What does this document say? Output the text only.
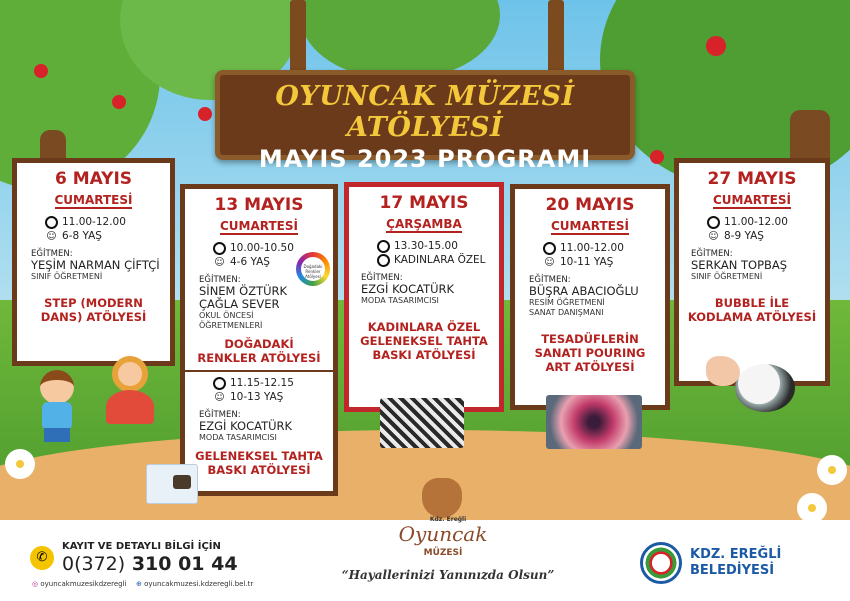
OYUNCAK MÜZESİ ATÖLYESİ
MAYIS 2023 PROGRAMI
6 MAYIS
CUMARTESİ
11.00-12.00
☺ 6-8 YAŞ
EĞİTMEN:
YEŞİM NARMAN ÇİFTÇİ
SINIF ÖĞRETMENİ
STEP (MODERN DANS) ATÖLYESİ
13 MAYIS
CUMARTESİ
10.00-10.50
☺ 4-6 YAŞ
EĞİTMEN:
SİNEM ÖZTÜRK
ÇAĞLA SEVER
OKUL ÖNCESİ
ÖĞRETMENLERİ
DOĞADAKİ RENKLER ATÖLYESİ
11.15-12.15
☺ 10-13 YAŞ
EĞİTMEN:
EZGİ KOCATÜRK
MODA TASARIMCISI
GELENEKSEL TAHTA BASKI ATÖLYESİ
Doğadaki Renkler Atölyesi
17 MAYIS
ÇARŞAMBA
13.30-15.00
KADINLARA ÖZEL
EĞİTMEN:
EZGİ KOCATÜRK
MODA TASARIMCISI
KADINLARA ÖZEL GELENEKSEL TAHTA BASKI ATÖLYESİ
20 MAYIS
CUMARTESİ
11.00-12.00
☺ 10-11 YAŞ
EĞİTMEN:
BÜŞRA ABACIOĞLU
RESİM ÖĞRETMENİ
SANAT DANIŞMANI
TESADÜFLERİN SANATI POURING ART ATÖLYESİ
27 MAYIS
CUMARTESİ
11.00-12.00
☺ 8-9 YAŞ
EĞİTMEN:
SERKAN TOPBAŞ
SINIF ÖĞRETMENİ
BUBBLE İLE KODLAMA ATÖLYESİ
✆
KAYIT VE DETAYLI BİLGİ İÇİN
0(372) 310 01 44
◎ oyuncakmuzesikdzeregli ⊕ oyuncakmuzesi.kdzeregli.bel.tr
Kdz. Ereğli
Oyuncak
MÜZESİ
“Hayallerinizi Yanınızda Olsun”
KDZ. EREĞLİ
BELEDİYESİ
